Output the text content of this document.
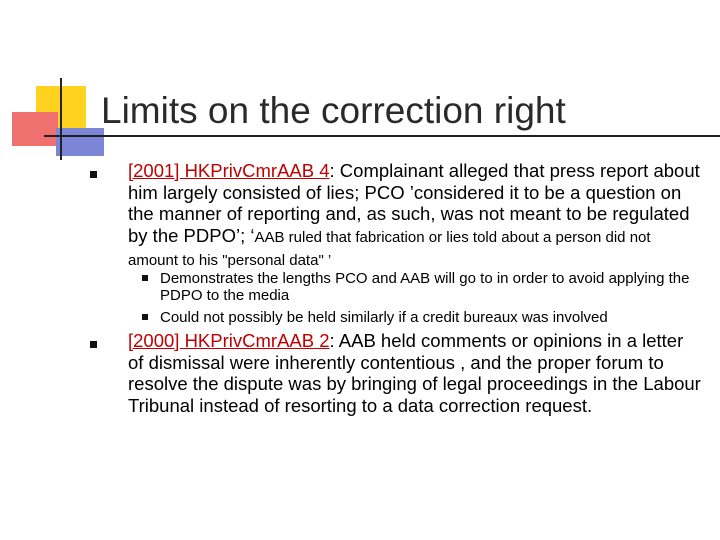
Limits on the correction right
[2001] HKPrivCmrAAB 4: Complainant alleged that press report about him largely consisted of lies; PCO ’considered it to be a question on the manner of reporting and, as such, was not meant to be regulated by the PDPO’; ‘AAB ruled that fabrication or lies told about a person did not amount to his "personal data" ’
Demonstrates the lengths PCO and AAB will go to in order to avoid applying the PDPO to the media
Could not possibly be held similarly if a credit bureaux was involved
[2000] HKPrivCmrAAB 2: AAB held comments or opinions in a letter of dismissal were inherently contentious , and the proper forum to resolve the dispute was by bringing of legal proceedings in the Labour Tribunal instead of resorting to a data correction request.
